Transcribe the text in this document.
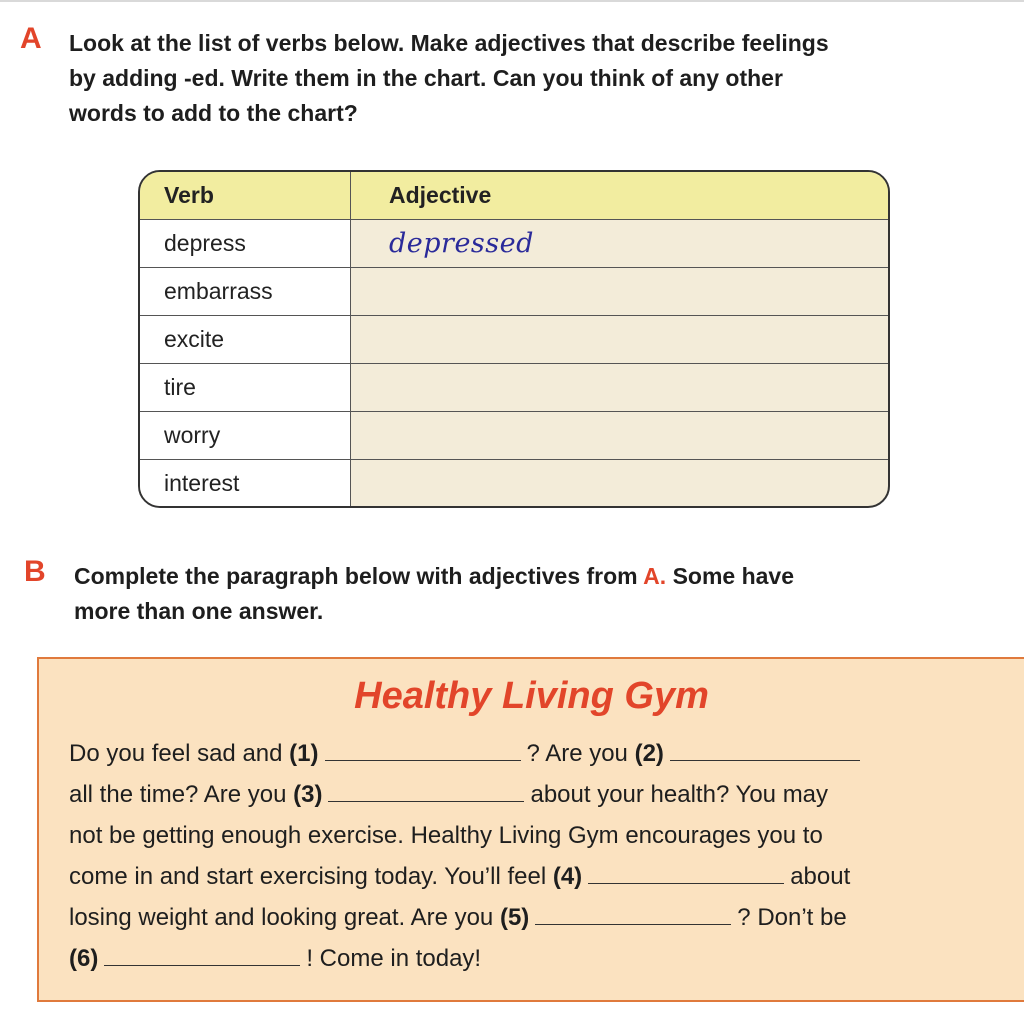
A Look at the list of verbs below. Make adjectives that describe feelings
by adding -ed. Write them in the chart. Can you think of any other
words to add to the chart?
Verb	Adjective
depress	depressed
embarrass	
excite	
tire	
worry	
interest	
B Complete the paragraph below with adjectives from A. Some have
more than one answer.
Healthy Living Gym
Do you feel sad and (1)	? Are you (2)
all the time? Are you (3)	about your health? You may
not be getting enough exercise. Healthy Living Gym encourages you to
come in and start exercising today. You’ll feel (4)	about
losing weight and looking great. Are you (5)	? Don’t be
(6)	! Come in today!
